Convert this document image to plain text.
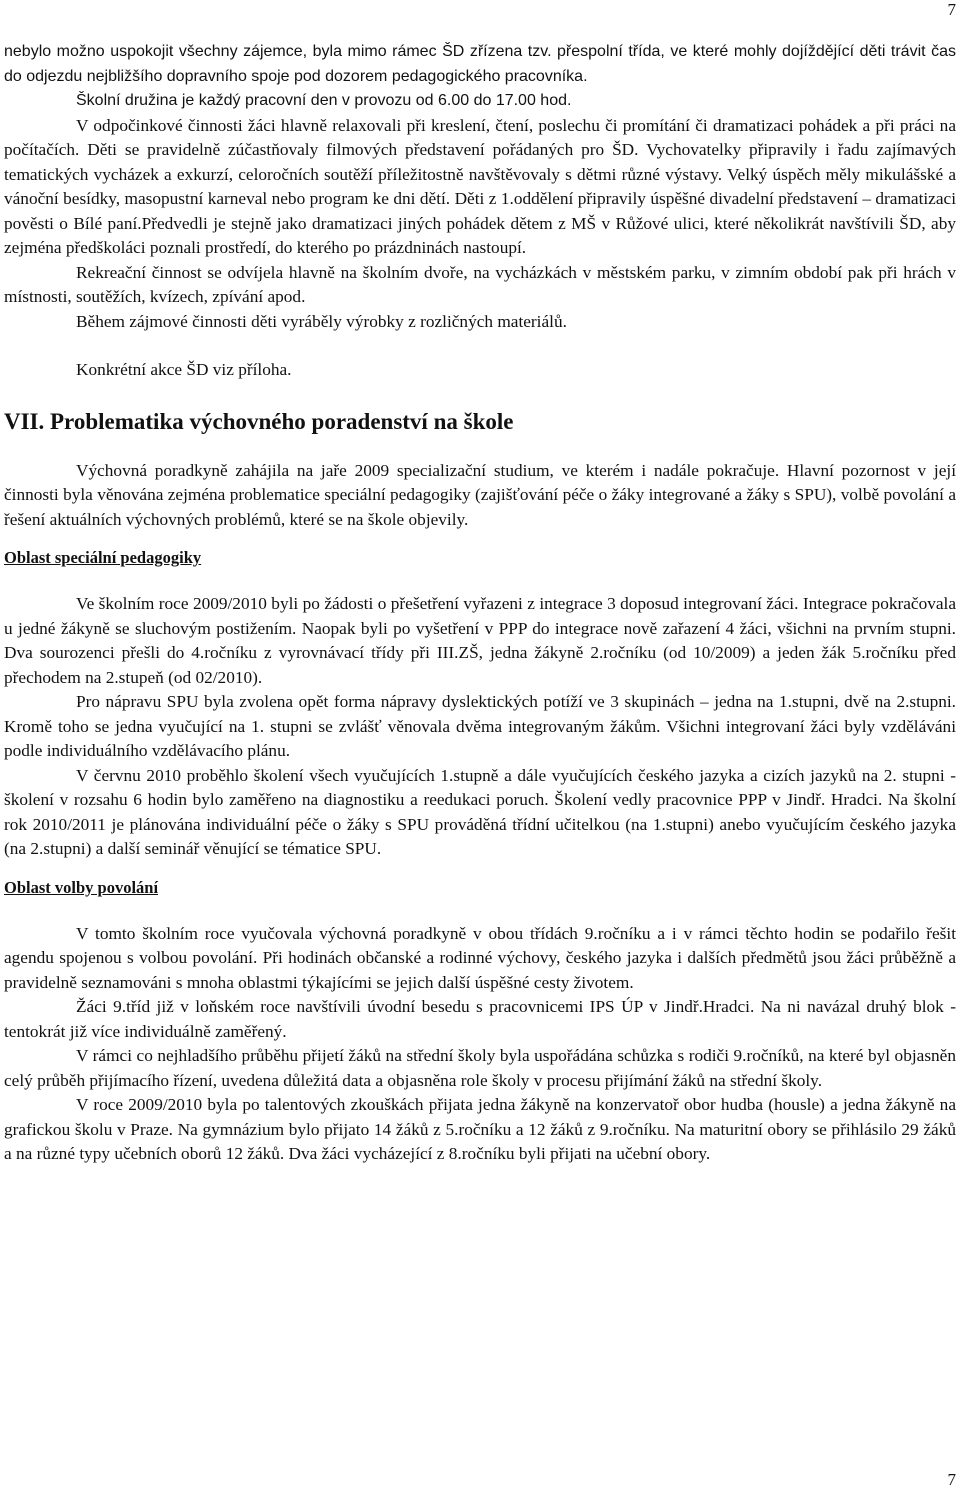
7

nebylo možno uspokojit všechny zájemce, byla mimo rámec ŠD zřízena tzv. přespolní třída, ve které mohly dojíždějící děti trávit čas do odjezdu nejbližšího dopravního spoje pod dozorem pedagogického pracovníka.

Školní družina je každý pracovní den v provozu od 6.00 do 17.00 hod.

V odpočinkové činnosti žáci hlavně relaxovali při kreslení, čtení, poslechu či promítání či dramatizaci pohádek a při práci na počítačích. Děti se pravidelně zúčastňovaly filmových představení pořádaných pro ŠD. Vychovatelky připravily i řadu zajímavých tematických vycházek a exkurzí, celoročních soutěží příležitostně navštěvovaly s dětmi různé výstavy. Velký úspěch měly mikulášské a vánoční besídky, masopustní karneval nebo program ke dni dětí. Děti z 1.oddělení připravily úspěšné divadelní představení – dramatizaci pověsti o Bílé paní.Předvedli je stejně jako dramatizaci jiných pohádek dětem z MŠ v Růžové ulici, které několikrát navštívili ŠD, aby zejména předškoláci poznali prostředí, do kterého po prázdninách nastoupí.

Rekreační činnost se odvíjela hlavně na školním dvoře, na vycházkách v městském parku, v zimním období pak při hrách v místnosti, soutěžích, kvízech, zpívání apod.

Během zájmové činnosti děti vyráběly výrobky z rozličných materiálů.

Konkrétní akce ŠD viz příloha.

VII. Problematika výchovného poradenství na škole

Výchovná poradkyně zahájila na jaře 2009 specializační studium, ve kterém i nadále pokračuje. Hlavní pozornost v její činnosti byla věnována zejména problematice speciální pedagogiky (zajišťování péče o žáky integrované a žáky s SPU), volbě povolání a řešení aktuálních výchovných problémů, které se na škole objevily.

Oblast speciální pedagogiky

Ve školním roce 2009/2010 byli po žádosti o přešetření vyřazeni z integrace 3 doposud integrovaní žáci. Integrace pokračovala u jedné žákyně se sluchovým postižením. Naopak byli po vyšetření v PPP do integrace nově zařazení 4 žáci, všichni na prvním stupni. Dva sourozenci přešli do 4.ročníku z vyrovnávací třídy při III.ZŠ, jedna žákyně 2.ročníku (od 10/2009) a jeden žák 5.ročníku před přechodem na 2.stupeň (od 02/2010).

Pro nápravu SPU byla zvolena opět forma nápravy dyslektických potíží ve 3 skupinách – jedna na 1.stupni, dvě na 2.stupni. Kromě toho se jedna vyučující na 1. stupni se zvlášť věnovala dvěma integrovaným žákům. Všichni integrovaní žáci byly vzděláváni podle individuálního vzdělávacího plánu.

V červnu 2010 proběhlo školení všech vyučujících 1.stupně a dále vyučujících českého jazyka a cizích jazyků na 2. stupni - školení v rozsahu 6 hodin bylo zaměřeno na diagnostiku a reedukaci poruch. Školení vedly pracovnice PPP v Jindř. Hradci. Na školní rok 2010/2011 je plánována individuální péče o žáky s SPU prováděná třídní učitelkou (na 1.stupni) anebo vyučujícím českého jazyka (na 2.stupni) a další seminář věnující se tématice SPU.

Oblast volby povolání

V tomto školním roce vyučovala výchovná poradkyně v obou třídách 9.ročníku a i v rámci těchto hodin se podařilo řešit agendu spojenou s volbou povolání. Při hodinách občanské a rodinné výchovy, českého jazyka i dalších předmětů jsou žáci průběžně a pravidelně seznamováni s mnoha oblastmi týkajícími se jejich další úspěšné cesty životem.

Žáci 9.tříd již v loňském roce navštívili úvodní besedu s pracovnicemi IPS ÚP v Jindř.Hradci. Na ni navázal druhý blok - tentokrát již více individuálně zaměřený.

V rámci co nejhladšího průběhu přijetí žáků na střední školy byla uspořádána schůzka s rodiči 9.ročníků, na které byl objasněn celý průběh přijímacího řízení, uvedena důležitá data a objasněna role školy v procesu přijímání žáků na střední školy.

V roce 2009/2010 byla po talentových zkouškách přijata jedna žákyně na konzervatoř obor hudba (housle) a jedna žákyně na grafickou školu v Praze. Na gymnázium bylo přijato 14 žáků z 5.ročníku a 12 žáků z 9.ročníku. Na maturitní obory se přihlásilo 29 žáků a na různé typy učebních oborů 12 žáků. Dva žáci vycházející z 8.ročníku byli přijati na učební obory.

7
